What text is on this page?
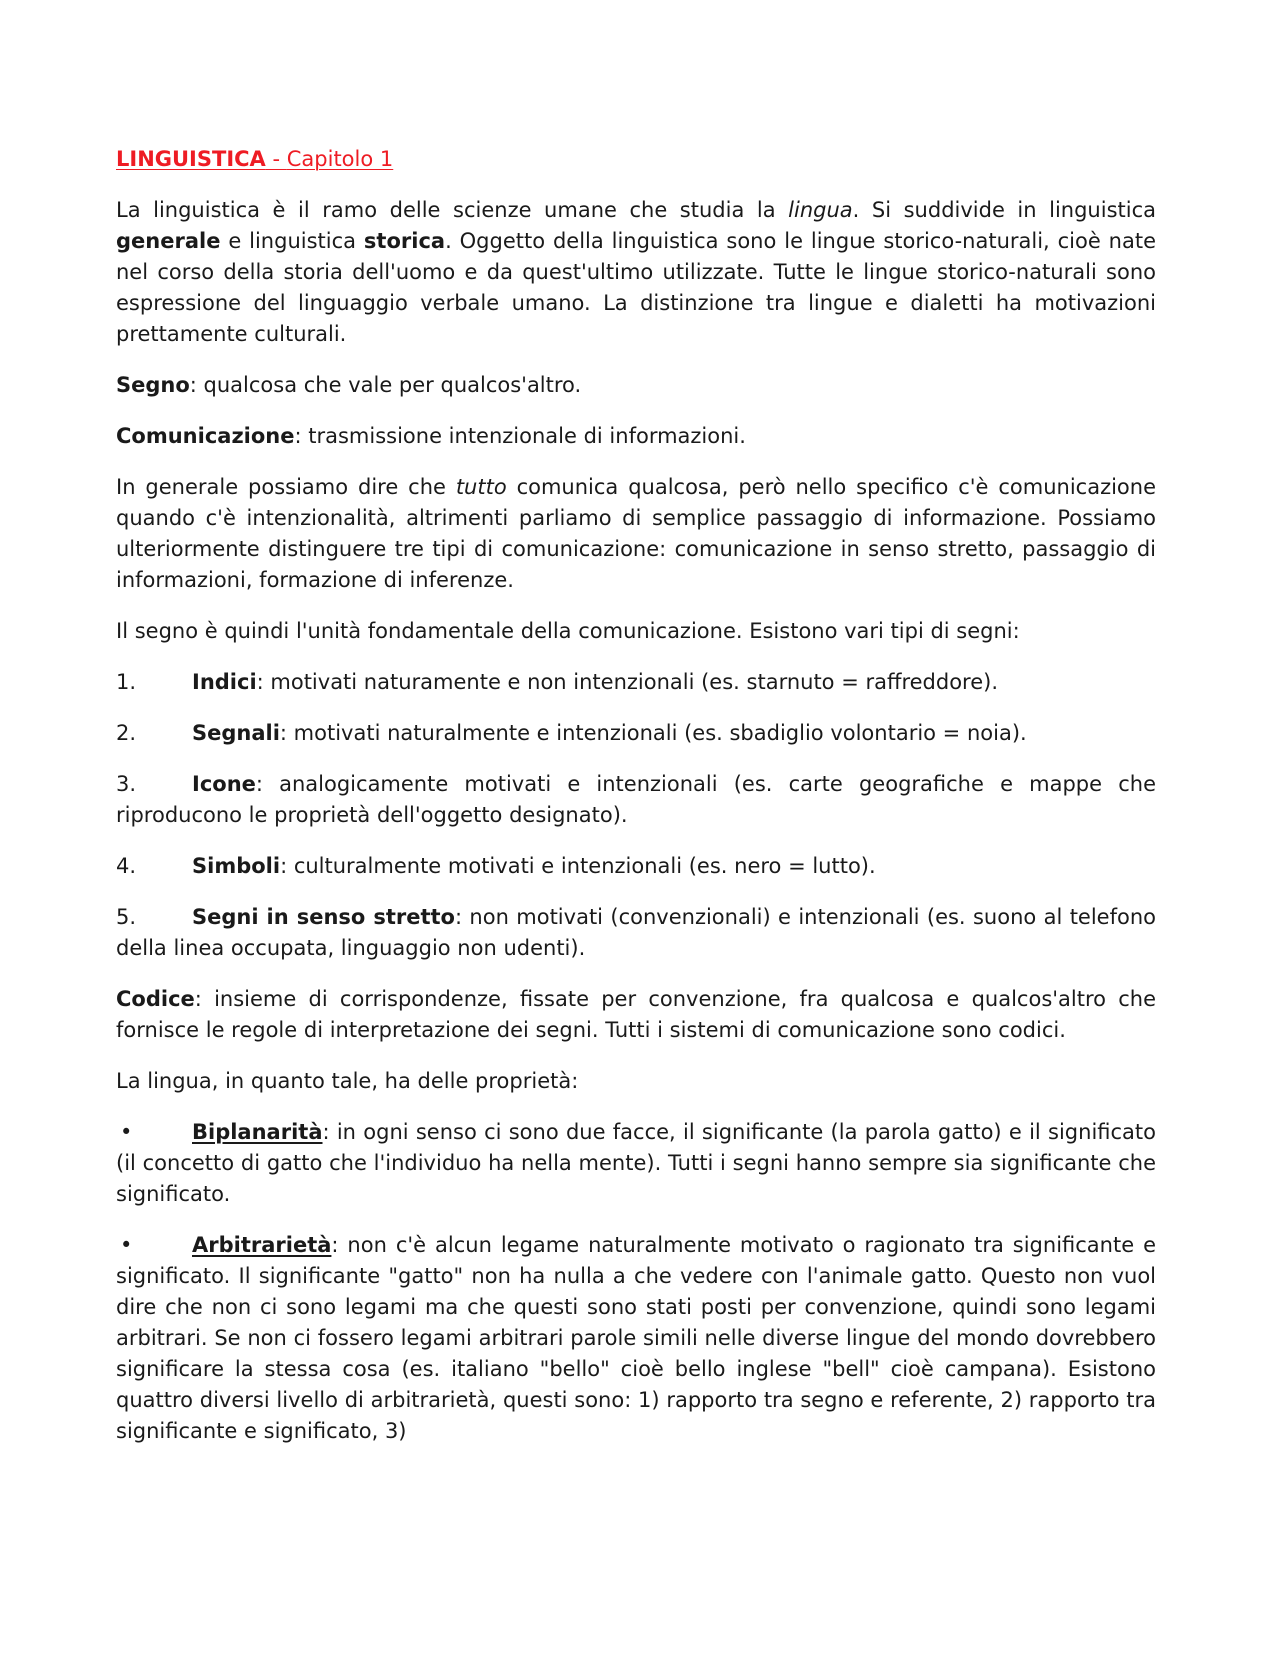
LINGUISTICA - Capitolo 1

La linguistica è il ramo delle scienze umane che studia la lingua. Si suddivide in linguistica generale e linguistica storica. Oggetto della linguistica sono le lingue storico-naturali, cioè nate nel corso della storia dell'uomo e da quest'ultimo utilizzate. Tutte le lingue storico-naturali sono espressione del linguaggio verbale umano. La distinzione tra lingue e dialetti ha motivazioni prettamente culturali.

Segno: qualcosa che vale per qualcos'altro.

Comunicazione: trasmissione intenzionale di informazioni.

In generale possiamo dire che tutto comunica qualcosa, però nello specifico c'è comunicazione quando c'è intenzionalità, altrimenti parliamo di semplice passaggio di informazione. Possiamo ulteriormente distinguere tre tipi di comunicazione: comunicazione in senso stretto, passaggio di informazioni, formazione di inferenze.

Il segno è quindi l'unità fondamentale della comunicazione. Esistono vari tipi di segni:

1.	Indici: motivati naturamente e non intenzionali (es. starnuto = raffreddore).
2.	Segnali: motivati naturalmente e intenzionali (es. sbadiglio volontario = noia).
3.	Icone: analogicamente motivati e intenzionali (es. carte geografiche e mappe che riproducono le proprietà dell'oggetto designato).
4.	Simboli: culturalmente motivati e intenzionali (es. nero = lutto).
5.	Segni in senso stretto: non motivati (convenzionali) e intenzionali (es. suono al telefono della linea occupata, linguaggio non udenti).

Codice: insieme di corrispondenze, fissate per convenzione, fra qualcosa e qualcos'altro che fornisce le regole di interpretazione dei segni. Tutti i sistemi di comunicazione sono codici.

La lingua, in quanto tale, ha delle proprietà:

•	Biplanarità: in ogni senso ci sono due facce, il significante (la parola gatto) e il significato (il concetto di gatto che l'individuo ha nella mente). Tutti i segni hanno sempre sia significante che significato.
•	Arbitrarietà: non c'è alcun legame naturalmente motivato o ragionato tra significante e significato. Il significante "gatto" non ha nulla a che vedere con l'animale gatto. Questo non vuol dire che non ci sono legami ma che questi sono stati posti per convenzione, quindi sono legami arbitrari. Se non ci fossero legami arbitrari parole simili nelle diverse lingue del mondo dovrebbero significare la stessa cosa (es. italiano "bello" cioè bello inglese "bell" cioè campana). Esistono quattro diversi livello di arbitrarietà, questi sono: 1) rapporto tra segno e referente, 2) rapporto tra significante e significato, 3)
